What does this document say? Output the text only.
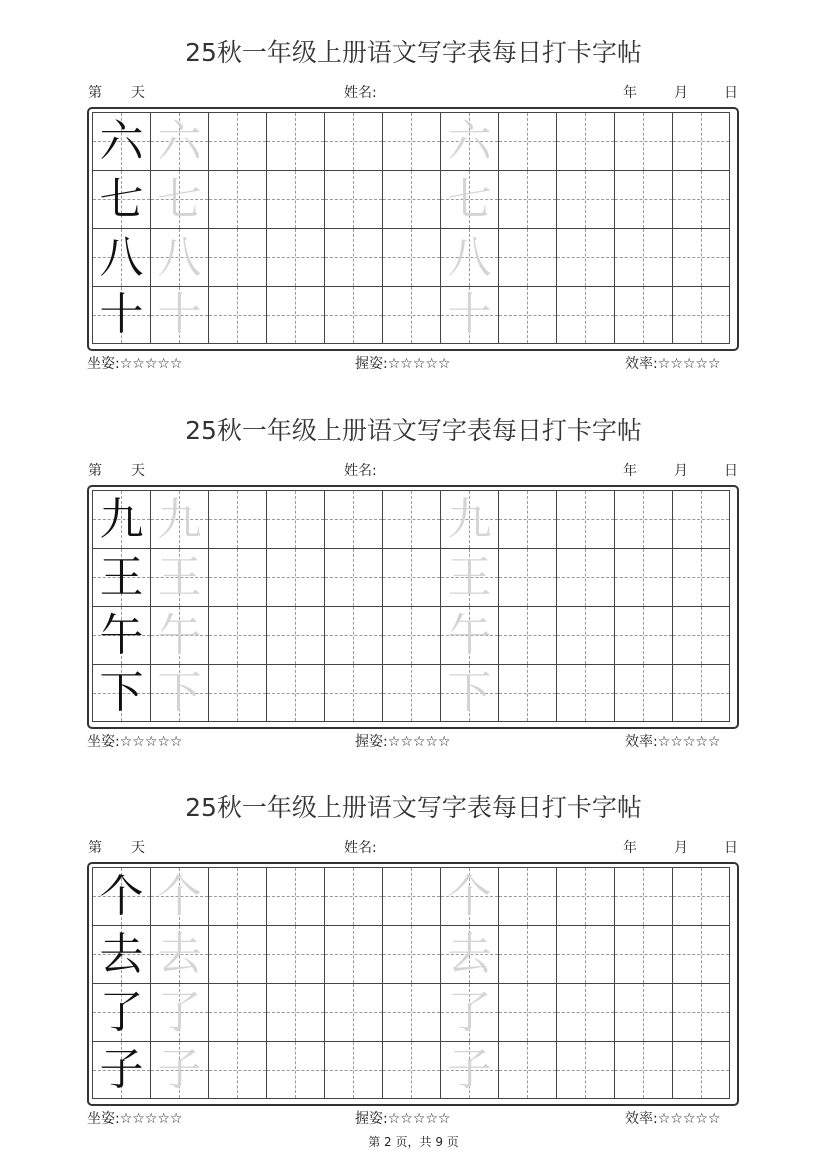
25秋一年级上册语文写字表每日打卡字帖
第 天	姓名:	年	月	日
六 六	六
七 七	七
八 八	八
十 十	十
坐姿:☆☆☆☆☆	握姿:☆☆☆☆☆	效率:☆☆☆☆☆
25秋一年级上册语文写字表每日打卡字帖
第 天	姓名:	年	月	日
九 九	九
王 王	王
午 午	午
下 下	下
坐姿:☆☆☆☆☆	握姿:☆☆☆☆☆	效率:☆☆☆☆☆
25秋一年级上册语文写字表每日打卡字帖
第 天	姓名:	年	月	日
个 个	个
去 去	去
了 了	了
子 子	子
坐姿:☆☆☆☆☆	握姿:☆☆☆☆☆	效率:☆☆☆☆☆
第 2 页，共 9 页
